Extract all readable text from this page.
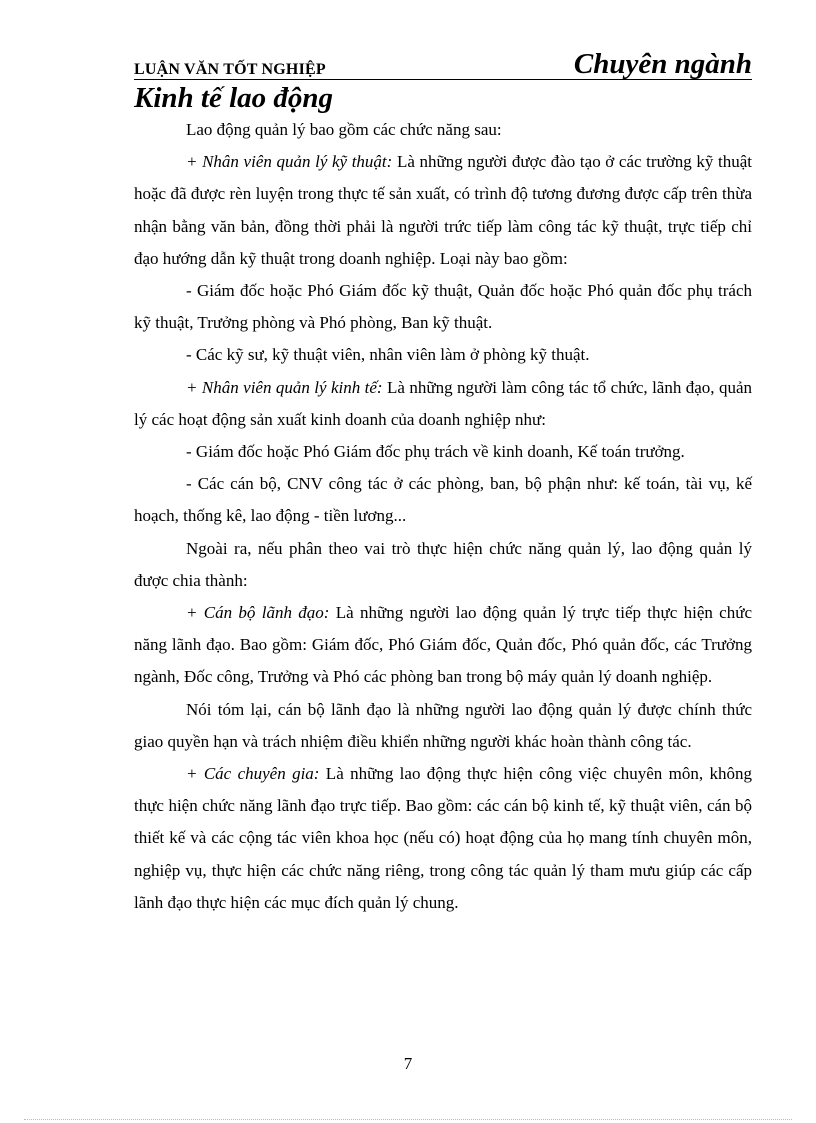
LUẬN VĂN TỐT NGHIỆP	Chuyên ngành
Kinh tế lao động

Lao động quản lý bao gồm các chức năng sau:

+ Nhân viên quản lý kỹ thuật: Là những người được đào tạo ở các trường kỹ thuật hoặc đã được rèn luyện trong thực tế sản xuất, có trình độ tương đương được cấp trên thừa nhận bằng văn bản, đồng thời phải là người trức tiếp làm công tác kỹ thuật, trực tiếp chỉ đạo hướng dẫn kỹ thuật trong doanh nghiệp. Loại này bao gồm:

- Giám đốc hoặc Phó Giám đốc kỹ thuật, Quản đốc hoặc Phó quản đốc phụ trách kỹ thuật, Trưởng phòng và Phó phòng, Ban kỹ thuật.

- Các kỹ sư, kỹ thuật viên, nhân viên làm ở phòng kỹ thuật.

+ Nhân viên quản lý kinh tế: Là những người làm công tác tổ chức, lãnh đạo, quản lý các hoạt động sản xuất kinh doanh của doanh nghiệp như:

- Giám đốc hoặc Phó Giám đốc phụ trách về kinh doanh, Kế toán trưởng.

- Các cán bộ, CNV công tác ở các phòng, ban, bộ phận như: kế toán, tài vụ, kế hoạch, thống kê, lao động - tiền lương...

Ngoài ra, nếu phân theo vai trò thực hiện chức năng quản lý, lao động quản lý được chia thành:

+ Cán bộ lãnh đạo: Là những người lao động quản lý trực tiếp thực hiện chức năng lãnh đạo. Bao gồm: Giám đốc, Phó Giám đốc, Quản đốc, Phó quản đốc, các Trưởng ngành, Đốc công, Trưởng và Phó các phòng ban trong bộ máy quản lý doanh nghiệp.

Nói tóm lại, cán bộ lãnh đạo là những người lao động quản lý được chính thức giao quyền hạn và trách nhiệm điều khiển những người khác hoàn thành công tác.

+ Các chuyên gia: Là những lao động thực hiện công việc chuyên môn, không thực hiện chức năng lãnh đạo trực tiếp. Bao gồm: các cán bộ kinh tế, kỹ thuật viên, cán bộ thiết kế và các cộng tác viên khoa học (nếu có) hoạt động của họ mang tính chuyên môn, nghiệp vụ, thực hiện các chức năng riêng, trong công tác quản lý tham mưu giúp các cấp lãnh đạo thực hiện các mục đích quản lý chung.

7
